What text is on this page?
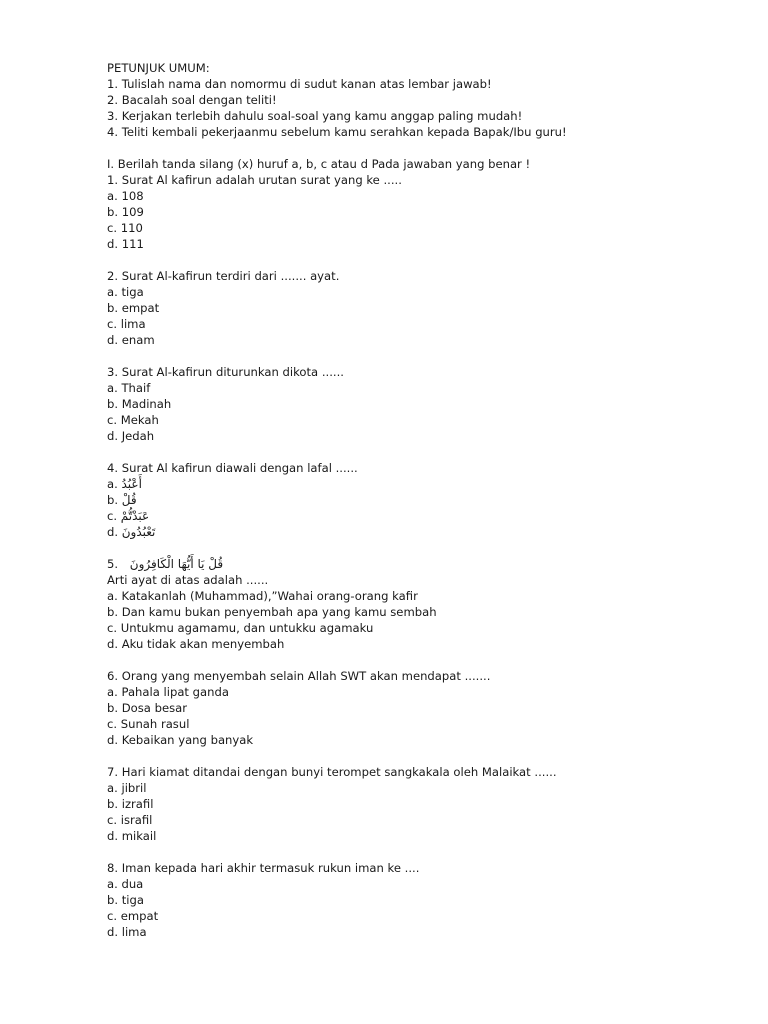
PETUNJUK UMUM:
1. Tulislah nama dan nomormu di sudut kanan atas lembar jawab!
2. Bacalah soal dengan teliti!
3. Kerjakan terlebih dahulu soal-soal yang kamu anggap paling mudah!
4. Teliti kembali pekerjaanmu sebelum kamu serahkan kepada Bapak/Ibu guru!
I. Berilah tanda silang (x) huruf a, b, c atau d Pada jawaban yang benar !
1. Surat Al kafirun adalah urutan surat yang ke .....
a. 108
b. 109
c. 110
d. 111
2. Surat Al-kafirun terdiri dari ....... ayat.
a. tiga
b. empat
c. lima
d. enam
3. Surat Al-kafirun diturunkan dikota ......
a. Thaif
b. Madinah
c. Mekah
d. Jedah
4. Surat Al kafirun diawali dengan lafal ......
a. أَعْبُدُ
b. قُلْ
c. عَبَدْتُّمْ
d. تَعْبُدُونَ
5. قُلْ يَا أَيُّهَا الْكَافِرُونَ
Arti ayat di atas adalah ......
a. Katakanlah (Muhammad),”Wahai orang-orang kafir
b. Dan kamu bukan penyembah apa yang kamu sembah
c. Untukmu agamamu, dan untukku agamaku
d. Aku tidak akan menyembah
6. Orang yang menyembah selain Allah SWT akan mendapat .......
a. Pahala lipat ganda
b. Dosa besar
c. Sunah rasul
d. Kebaikan yang banyak
7. Hari kiamat ditandai dengan bunyi terompet sangkakala oleh Malaikat ......
a. jibril
b. izrafil
c. israfil
d. mikail
8. Iman kepada hari akhir termasuk rukun iman ke ....
a. dua
b. tiga
c. empat
d. lima
